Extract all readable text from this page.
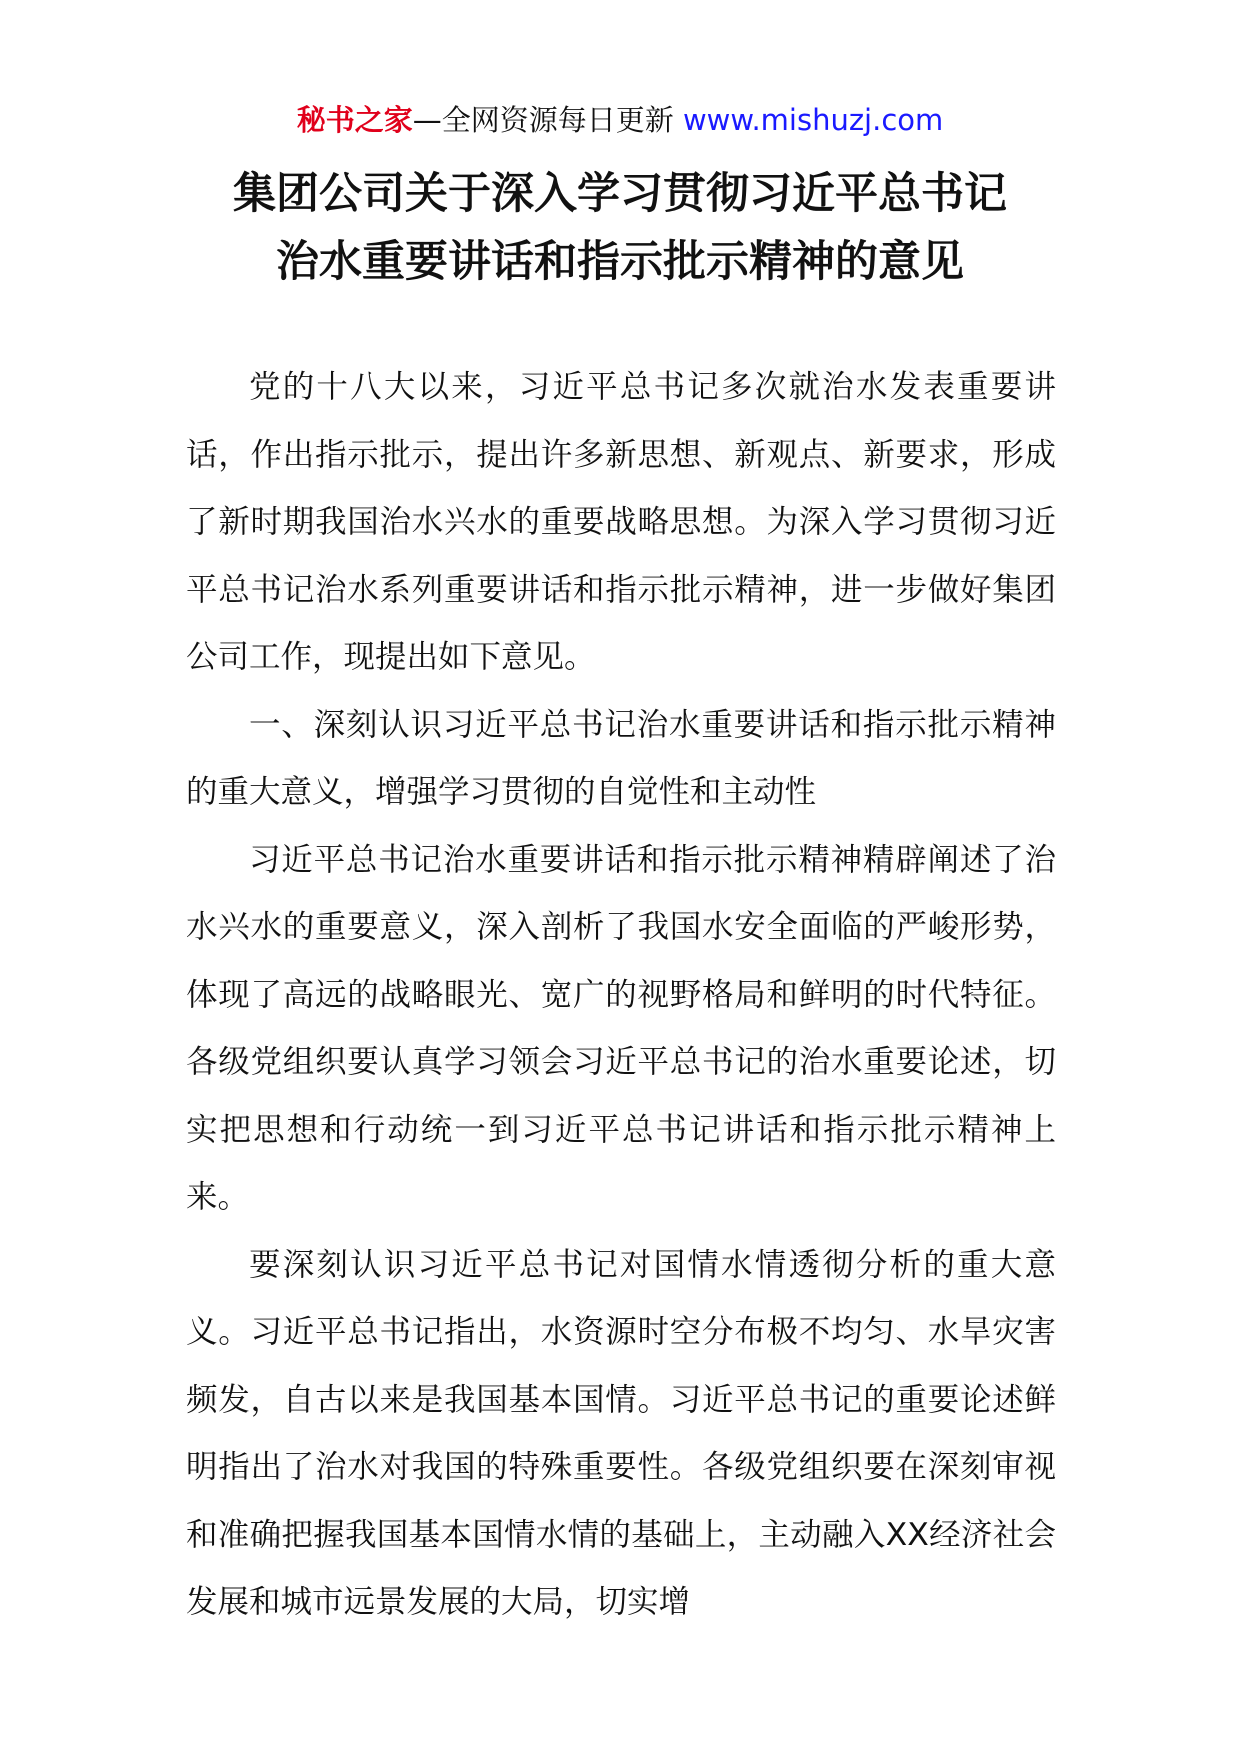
秘书之家—全网资源每日更新 www.mishuzj.com
集团公司关于深入学习贯彻习近平总书记
治水重要讲话和指示批示精神的意见

党的十八大以来，习近平总书记多次就治水发表重要讲话，作出指示批示，提出许多新思想、新观点、新要求，形成了新时期我国治水兴水的重要战略思想。为深入学习贯彻习近平总书记治水系列重要讲话和指示批示精神，进一步做好集团公司工作，现提出如下意见。

一、深刻认识习近平总书记治水重要讲话和指示批示精神的重大意义，增强学习贯彻的自觉性和主动性

习近平总书记治水重要讲话和指示批示精神精辟阐述了治水兴水的重要意义，深入剖析了我国水安全面临的严峻形势，体现了高远的战略眼光、宽广的视野格局和鲜明的时代特征。各级党组织要认真学习领会习近平总书记的治水重要论述，切实把思想和行动统一到习近平总书记讲话和指示批示精神上来。

要深刻认识习近平总书记对国情水情透彻分析的重大意义。习近平总书记指出，水资源时空分布极不均匀、水旱灾害频发，自古以来是我国基本国情。习近平总书记的重要论述鲜明指出了治水对我国的特殊重要性。各级党组织要在深刻审视和准确把握我国基本国情水情的基础上，主动融入XX经济社会发展和城市远景发展的大局，切实增
